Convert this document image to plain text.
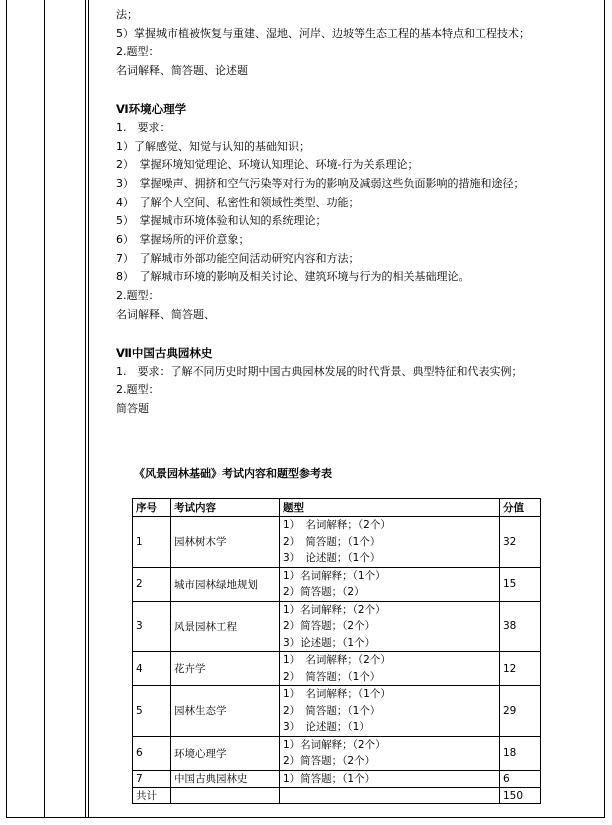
法；

5）掌握城市植被恢复与重建、湿地、河岸、边坡等生态工程的基本特点和工程技术；

2.题型：

名词解释、简答题、论述题

Ⅵ环境心理学

1.　要求：

1）了解感觉、知觉与认知的基础知识；

2）　掌握环境知觉理论、环境认知理论、环境-行为关系理论；

3）　掌握噪声、拥挤和空气污染等对行为的影响及减弱这些负面影响的措施和途径；

4）　了解个人空间、私密性和领域性类型、功能；

5）　掌握城市环境体验和认知的系统理论；

6）　掌握场所的评价意象；

7）　了解城市外部功能空间活动研究内容和方法；

8）　了解城市环境的影响及相关讨论、建筑环境与行为的相关基础理论。

2.题型：

名词解释、简答题、

Ⅶ中国古典园林史

1.　要求：了解不同历史时期中国古典园林发展的时代背景、典型特征和代表实例；

2.题型：

简答题

《风景园林基础》考试内容和题型参考表

序号	考试内容	题型	分值
1	园林树木学	1）　名词解释；（2个）
2）　简答题；（1个）
3）　论述题；（1个）	32
2	城市园林绿地规划	1）名词解释；（1个）
2）简答题；（2）	15
3	风景园林工程	1）名词解释；（2个）
2）简答题；（2个）
3）论述题；（1个）	38
4	花卉学	1）　名词解释；（2个）
2）　简答题；（1个）	12
5	园林生态学	1）　名词解释；（1个）
2）　简答题；（1个）
3）　论述题；（1）	29
6	环境心理学	1）名词解释；（2个）
2）简答题；（2个）	18
7	中国古典园林史	1）简答题；（1个）	6
共计			150
